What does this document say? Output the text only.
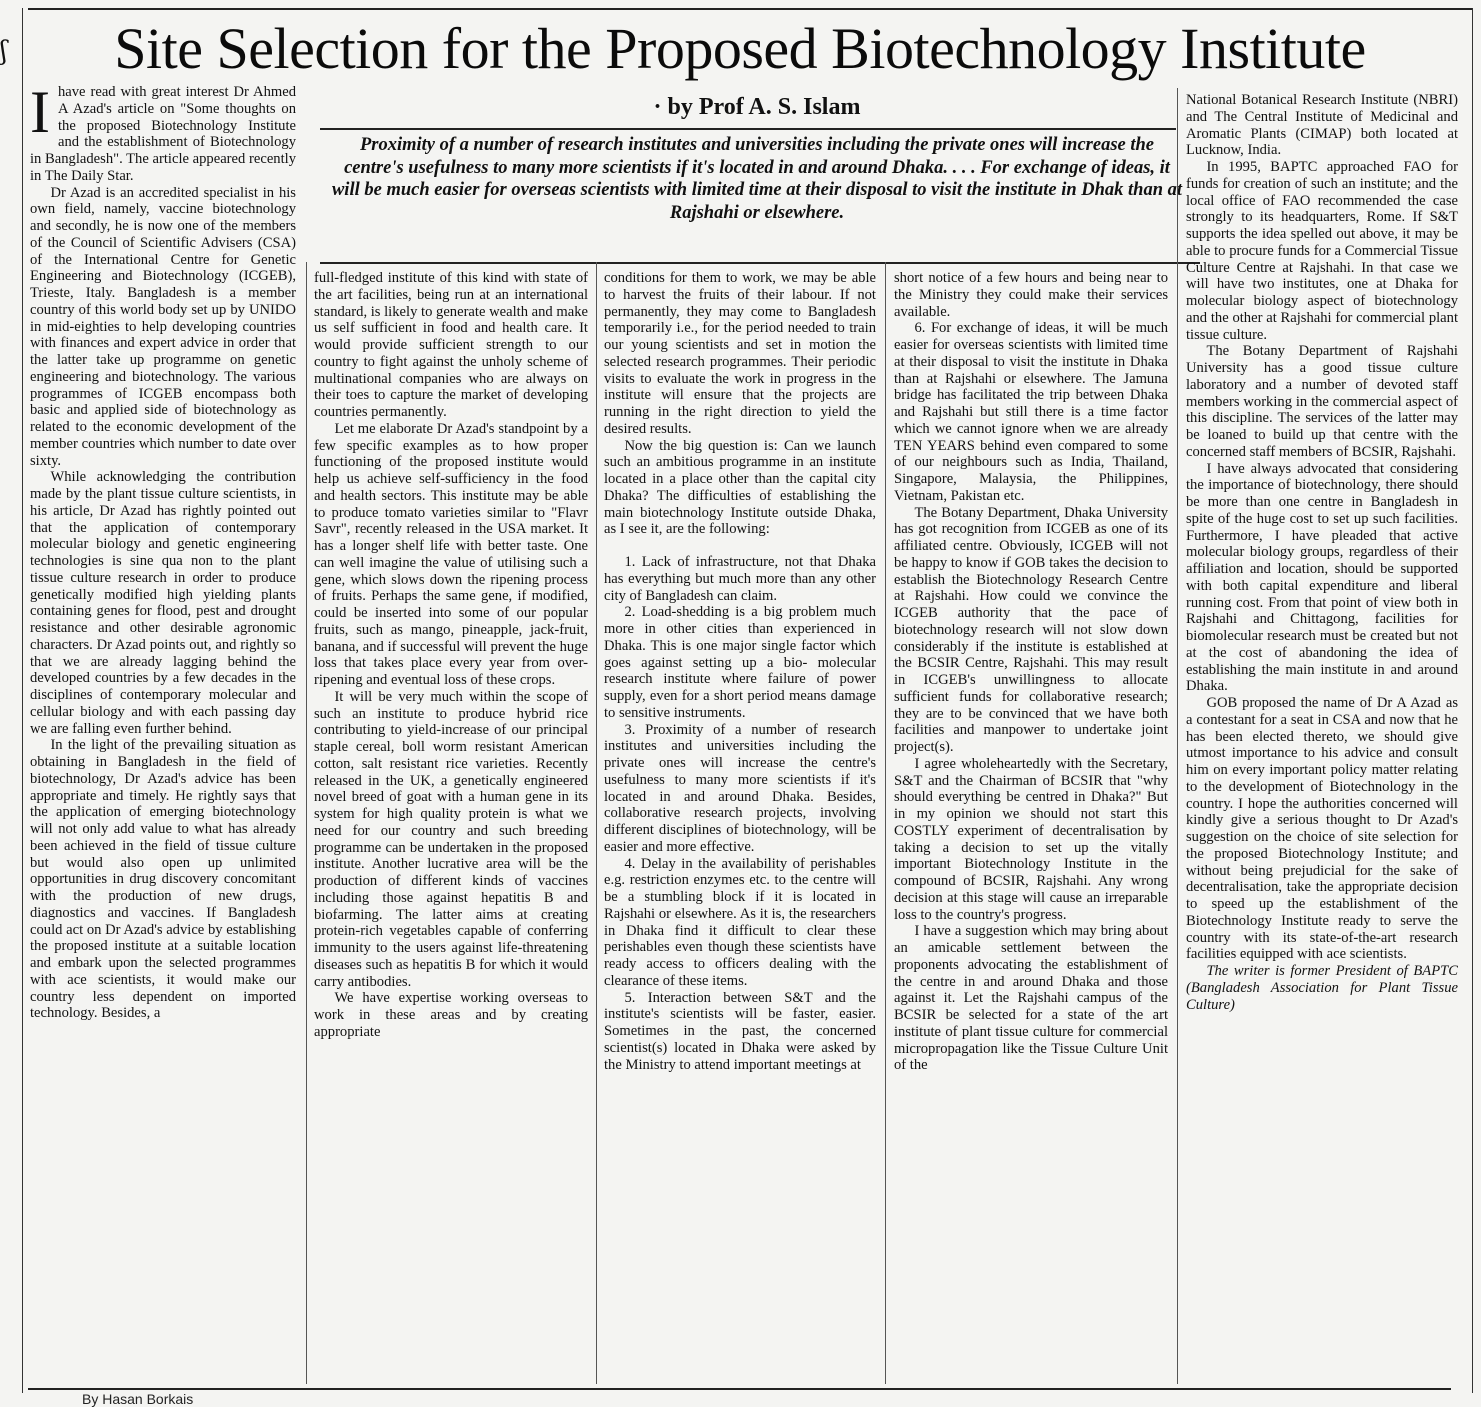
ʃ	Site Selection for the Proposed Biotechnology Institute
· by Prof A. S. Islam

Proximity of a number of research institutes and universities including the private ones will increase the centre's usefulness to many more scientists if it's located in and around Dhaka. . . . For exchange of ideas, it will be much easier for overseas scientists with limited time at their disposal to visit the institute in Dhak than at Rajshahi or elsewhere.

Ihave read with great interest Dr Ahmed A Azad's article on "Some thoughts on the proposed Biotechnology Institute and the establishment of Biotechnology in Bangladesh". The article appeared recently in The Daily Star.

Dr Azad is an accredited specialist in his own field, namely, vaccine biotechnology and secondly, he is now one of the members of the Council of Scientific Advisers (CSA) of the International Centre for Genetic Engineering and Biotechnology (ICGEB), Trieste, Italy. Bangladesh is a member country of this world body set up by UNIDO in mid-eighties to help developing countries with finances and expert advice in order that the latter take up programme on genetic engineering and biotechnology. The various programmes of ICGEB encompass both basic and applied side of biotechnology as related to the economic development of the member countries which number to date over sixty.

While acknowledging the contribution made by the plant tissue culture scientists, in his article, Dr Azad has rightly pointed out that the application of contemporary molecular biology and genetic engineering technologies is sine qua non to the plant tissue culture research in order to produce genetically modified high yielding plants containing genes for flood, pest and drought resistance and other desirable agronomic characters. Dr Azad points out, and rightly so that we are already lagging behind the developed countries by a few decades in the disciplines of contemporary molecular and cellular biology and with each passing day we are falling even further behind.

In the light of the prevailing situation as obtaining in Bangladesh in the field of biotechnology, Dr Azad's advice has been appropriate and timely. He rightly says that the application of emerging biotechnology will not only add value to what has already been achieved in the field of tissue culture but would also open up unlimited opportunities in drug discovery concomitant with the production of new drugs, diagnostics and vaccines. If Bangladesh could act on Dr Azad's advice by establishing the proposed institute at a suitable location and embark upon the selected programmes with ace scientists, it would make our country less dependent on imported technology. Besides, a

full-fledged institute of this kind with state of the art facilities, being run at an international standard, is likely to generate wealth and make us self sufficient in food and health care. It would provide sufficient strength to our country to fight against the unholy scheme of multinational companies who are always on their toes to capture the market of developing countries permanently.

Let me elaborate Dr Azad's standpoint by a few specific examples as to how proper functioning of the proposed institute would help us achieve self-sufficiency in the food and health sectors. This institute may be able to produce tomato varieties similar to "Flavr Savr", recently released in the USA market. It has a longer shelf life with better taste. One can well imagine the value of utilising such a gene, which slows down the ripening process of fruits. Perhaps the same gene, if modified, could be inserted into some of our popular fruits, such as mango, pineapple, jack-fruit, banana, and if successful will prevent the huge loss that takes place every year from over-ripening and eventual loss of these crops.

It will be very much within the scope of such an institute to produce hybrid rice contributing to yield-increase of our principal staple cereal, boll worm resistant American cotton, salt resistant rice varieties. Recently released in the UK, a genetically engineered novel breed of goat with a human gene in its system for high quality protein is what we need for our country and such breeding programme can be undertaken in the proposed institute. Another lucrative area will be the production of different kinds of vaccines including those against hepatitis B and biofarming. The latter aims at creating protein-rich vegetables capable of conferring immunity to the users against life-threatening diseases such as hepatitis B for which it would carry antibodies.

We have expertise working overseas to work in these areas and by creating appropriate

conditions for them to work, we may be able to harvest the fruits of their labour. If not permanently, they may come to Bangladesh temporarily i.e., for the period needed to train our young scientists and set in motion the selected research programmes. Their periodic visits to evaluate the work in progress in the institute will ensure that the projects are running in the right direction to yield the desired results.

Now the big question is: Can we launch such an ambitious programme in an institute located in a place other than the capital city Dhaka? The difficulties of establishing the main biotechnology Institute outside Dhaka, as I see it, are the following:

1. Lack of infrastructure, not that Dhaka has everything but much more than any other city of Bangladesh can claim.

2. Load-shedding is a big problem much more in other cities than experienced in Dhaka. This is one major single factor which goes against setting up a bio- molecular research institute where failure of power supply, even for a short period means damage to sensitive instruments.

3. Proximity of a number of research institutes and universities including the private ones will increase the centre's usefulness to many more scientists if it's located in and around Dhaka. Besides, collaborative research projects, involving different disciplines of biotechnology, will be easier and more effective.

4. Delay in the availability of perishables e.g. restriction enzymes etc. to the centre will be a stumbling block if it is located in Rajshahi or elsewhere. As it is, the researchers in Dhaka find it difficult to clear these perishables even though these scientists have ready access to officers dealing with the clearance of these items.

5. Interaction between S&T and the institute's scientists will be faster, easier. Sometimes in the past, the concerned scientist(s) located in Dhaka were asked by the Ministry to attend important meetings at

short notice of a few hours and being near to the Ministry they could make their services available.

6. For exchange of ideas, it will be much easier for overseas scientists with limited time at their disposal to visit the institute in Dhaka than at Rajshahi or elsewhere. The Jamuna bridge has facilitated the trip between Dhaka and Rajshahi but still there is a time factor which we cannot ignore when we are already TEN YEARS behind even compared to some of our neighbours such as India, Thailand, Singapore, Malaysia, the Philippines, Vietnam, Pakistan etc.

The Botany Department, Dhaka University has got recognition from ICGEB as one of its affiliated centre. Obviously, ICGEB will not be happy to know if GOB takes the decision to establish the Biotechnology Research Centre at Rajshahi. How could we convince the ICGEB authority that the pace of biotechnology research will not slow down considerably if the institute is established at the BCSIR Centre, Rajshahi. This may result in ICGEB's unwillingness to allocate sufficient funds for collaborative research; they are to be convinced that we have both facilities and manpower to undertake joint project(s).

I agree wholeheartedly with the Secretary, S&T and the Chairman of BCSIR that "why should everything be centred in Dhaka?" But in my opinion we should not start this COSTLY experiment of decentralisation by taking a decision to set up the vitally important Biotechnology Institute in the compound of BCSIR, Rajshahi. Any wrong decision at this stage will cause an irreparable loss to the country's progress.

I have a suggestion which may bring about an amicable settlement between the proponents advocating the establishment of the centre in and around Dhaka and those against it. Let the Rajshahi campus of the BCSIR be selected for a state of the art institute of plant tissue culture for commercial micropropagation like the Tissue Culture Unit of the

National Botanical Research Institute (NBRI) and The Central Institute of Medicinal and Aromatic Plants (CIMAP) both located at Lucknow, India.

In 1995, BAPTC approached FAO for funds for creation of such an institute; and the local office of FAO recommended the case strongly to its headquarters, Rome. If S&T supports the idea spelled out above, it may be able to procure funds for a Commercial Tissue Culture Centre at Rajshahi. In that case we will have two institutes, one at Dhaka for molecular biology aspect of biotechnology and the other at Rajshahi for commercial plant tissue culture.

The Botany Department of Rajshahi University has a good tissue culture laboratory and a number of devoted staff members working in the commercial aspect of this discipline. The services of the latter may be loaned to build up that centre with the concerned staff members of BCSIR, Rajshahi.

I have always advocated that considering the importance of biotechnology, there should be more than one centre in Bangladesh in spite of the huge cost to set up such facilities. Furthermore, I have pleaded that active molecular biology groups, regardless of their affiliation and location, should be supported with both capital expenditure and liberal running cost. From that point of view both in Rajshahi and Chittagong, facilities for biomolecular research must be created but not at the cost of abandoning the idea of establishing the main institute in and around Dhaka.

GOB proposed the name of Dr A Azad as a contestant for a seat in CSA and now that he has been elected thereto, we should give utmost importance to his advice and consult him on every important policy matter relating to the development of Biotechnology in the country. I hope the authorities concerned will kindly give a serious thought to Dr Azad's suggestion on the choice of site selection for the proposed Biotechnology Institute; and without being prejudicial for the sake of decentralisation, take the appropriate decision to speed up the establishment of the Biotechnology Institute ready to serve the country with its state-of-the-art research facilities equipped with ace scientists.

The writer is former President of BAPTC (Bangladesh Association for Plant Tissue Culture)

By Hasan Borkais
